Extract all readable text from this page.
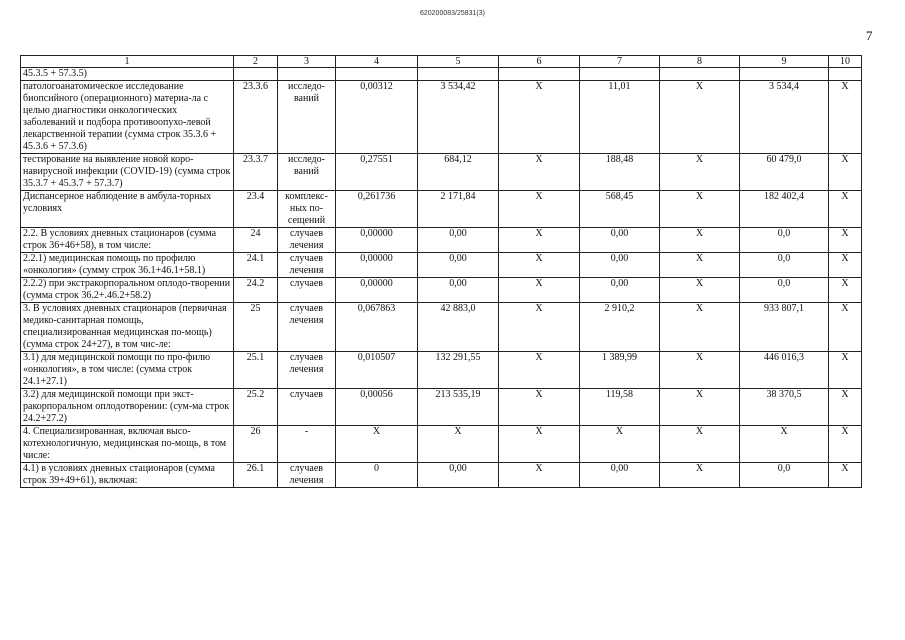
620200083/25831(3)
7
1	2	3	4	5	6	7	8	9	10
45.3.5 + 57.3.5)									
патологоанатомическое исследование биопсийного (операционного) материа-ла с целью диагностики онкологических заболеваний и подбора противоопухо-левой лекарственной терапии (сумма строк 35.3.6 + 45.3.6 + 57.3.6)	23.3.6	исследо-ваний	0,00312	3 534,42	Х	11,01	Х	3 534,4	Х
тестирование на выявление новой коро-навирусной инфекции (COVID-19) (сумма строк 35.3.7 + 45.3.7 + 57.3.7)	23.3.7	исследо-ваний	0,27551	684,12	Х	188,48	Х	60 479,0	Х
Диспансерное наблюдение в амбула-торных условиях	23.4	комплекс-ных по-сещений	0,261736	2 171,84	Х	568,45	Х	182 402,4	Х
2.2. В условиях дневных стационаров (сумма строк 36+46+58), в том числе:	24	случаев лечения	0,00000	0,00	Х	0,00	Х	0,0	Х
2.2.1) медицинская помощь по профилю «онкология» (сумму строк 36.1+46.1+58.1)	24.1	случаев лечения	0,00000	0,00	Х	0,00	Х	0,0	Х
2.2.2) при экстракорпоральном оплодо-творении (сумма строк 36.2+.46.2+58.2)	24.2	случаев	0,00000	0,00	Х	0,00	Х	0,0	Х
3. В условиях дневных стационаров (первичная медико-санитарная помощь, специализированная медицинская по-мощь) (сумма строк 24+27), в том чис-ле:	25	случаев лечения	0,067863	42 883,0	Х	2 910,2	Х	933 807,1	Х
3.1) для медицинской помощи по про-филю «онкология», в том числе: (сумма строк 24.1+27.1)	25.1	случаев лечения	0,010507	132 291,55	Х	1 389,99	Х	446 016,3	Х
3.2) для медицинской помощи при экст-ракорпоральном оплодотворении: (сум-ма строк 24.2+27.2)	25.2	случаев	0,00056	213 535,19	Х	119,58	Х	38 370,5	Х
4. Специализированная, включая высо-котехнологичную, медицинская по-мощь, в том числе:	26	-	Х	Х	Х	Х	Х	Х	Х
4.1) в условиях дневных стационаров (сумма строк 39+49+61), включая:	26.1	случаев лечения	0	0,00	Х	0,00	Х	0,0	Х
